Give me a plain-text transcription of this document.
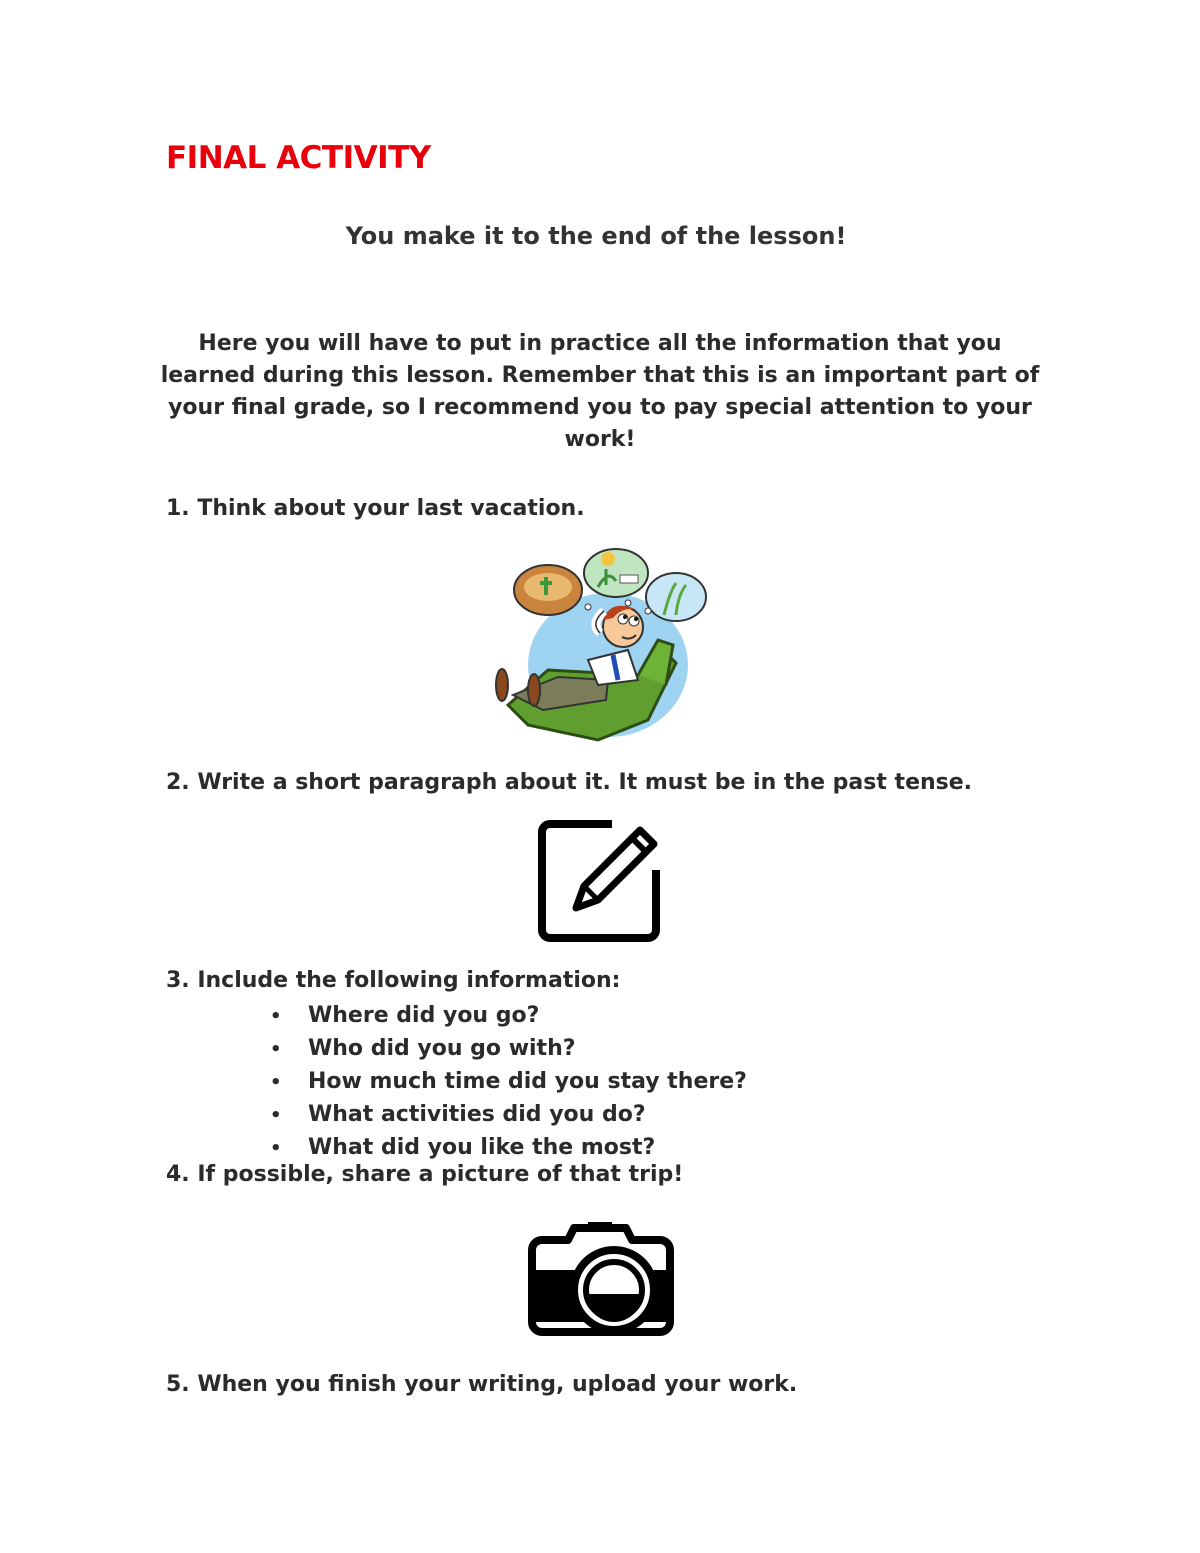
FINAL ACTIVITY
You make it to the end of the lesson!

Here you will have to put in practice all the information that you learned during this lesson. Remember that this is an important part of your final grade, so I recommend you to pay special attention to your work!

1. Think about your last vacation.

2. Write a short paragraph about it. It must be in the past tense.

3. Include the following information:

• Where did you go?
• Who did you go with?
• How much time did you stay there?
• What activities did you do?
• What did you like the most?

4. If possible, share a picture of that trip!

5. When you finish your writing, upload your work.
